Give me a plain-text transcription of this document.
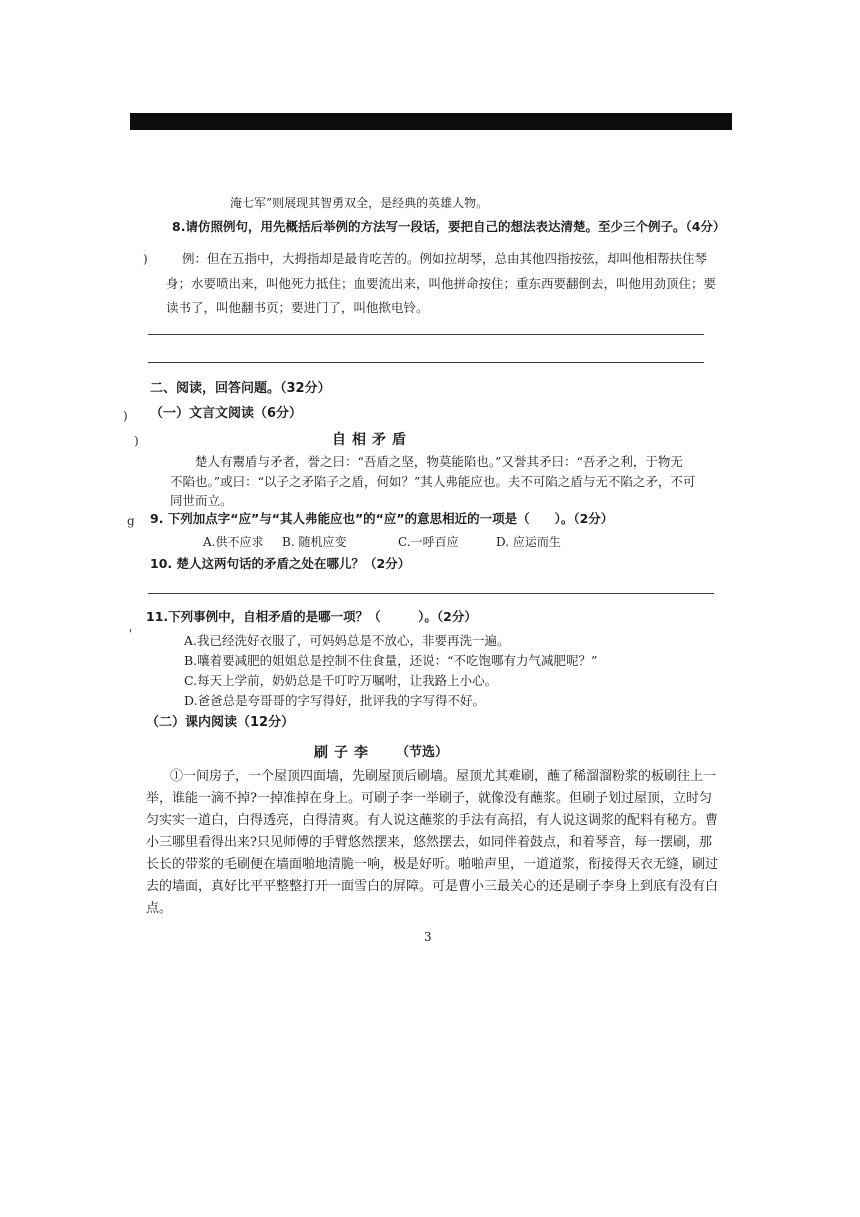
淹七军”则展现其智勇双全，是经典的英雄人物。
8.请仿照例句，用先概括后举例的方法写一段话，要把自己的想法表达清楚。至少三个例子。（4分）
)	例：但在五指中，大拇指却是最肯吃苦的。例如拉胡琴，总由其他四指按弦，却叫他相帮扶住琴
身；水要喷出来，叫他死力抵住；血要流出来，叫他拼命按住；重东西要翻倒去，叫他用劲顶住；要
读书了，叫他翻书页；要进门了，叫他揿电铃。
二、阅读，回答问题。（32分）
) （一）文言文阅读（6分）
)	自相矛盾
楚人有鬻盾与矛者，誉之曰：“吾盾之坚，物莫能陷也。”又誉其矛曰：“吾矛之利，于物无
不陷也。”或曰：“以子之矛陷子之盾，何如？”其人弗能应也。夫不可陷之盾与无不陷之矛，不可
同世而立。
g 9. 下列加点字“应”与“其人弗能应也”的“应”的意思相近的一项是（　　）。（2分）
A.供不应求 B. 随机应变	C.一呼百应	D. 应运而生
10. 楚人这两句话的矛盾之处在哪儿？（2分）
11.下列事例中，自相矛盾的是哪一项？（　　　）。（2分）
'	A.我已经洗好衣服了，可妈妈总是不放心，非要再洗一遍。
B.嚷着要减肥的姐姐总是控制不住食量，还说：“不吃饱哪有力气减肥呢？”
C.每天上学前，奶奶总是千叮咛万嘱咐，让我路上小心。
D.爸爸总是夸哥哥的字写得好，批评我的字写得不好。
（二）课内阅读（12分）
刷子李 （节选）
①一间房子，一个屋顶四面墙，先刷屋顶后刷墙。屋顶尤其难刷，蘸了稀溜溜粉浆的板刷往上一
举，谁能一滴不掉?一掉准掉在身上。可刷子李一举刷子，就像没有蘸浆。但刷子划过屋顶，立时匀
匀实实一道白，白得透亮，白得清爽。有人说这蘸浆的手法有高招，有人说这调浆的配料有秘方。曹
小三哪里看得出来?只见师傅的手臂悠然摆来，悠然摆去，如同伴着鼓点，和着琴音，每一摆刷，那
长长的带浆的毛刷便在墙面啪地清脆一响，极是好听。啪啪声里，一道道浆，衔接得天衣无缝，刷过
去的墙面，真好比平平整整打开一面雪白的屏障。可是曹小三最关心的还是刷子李身上到底有没有白
点。
3
